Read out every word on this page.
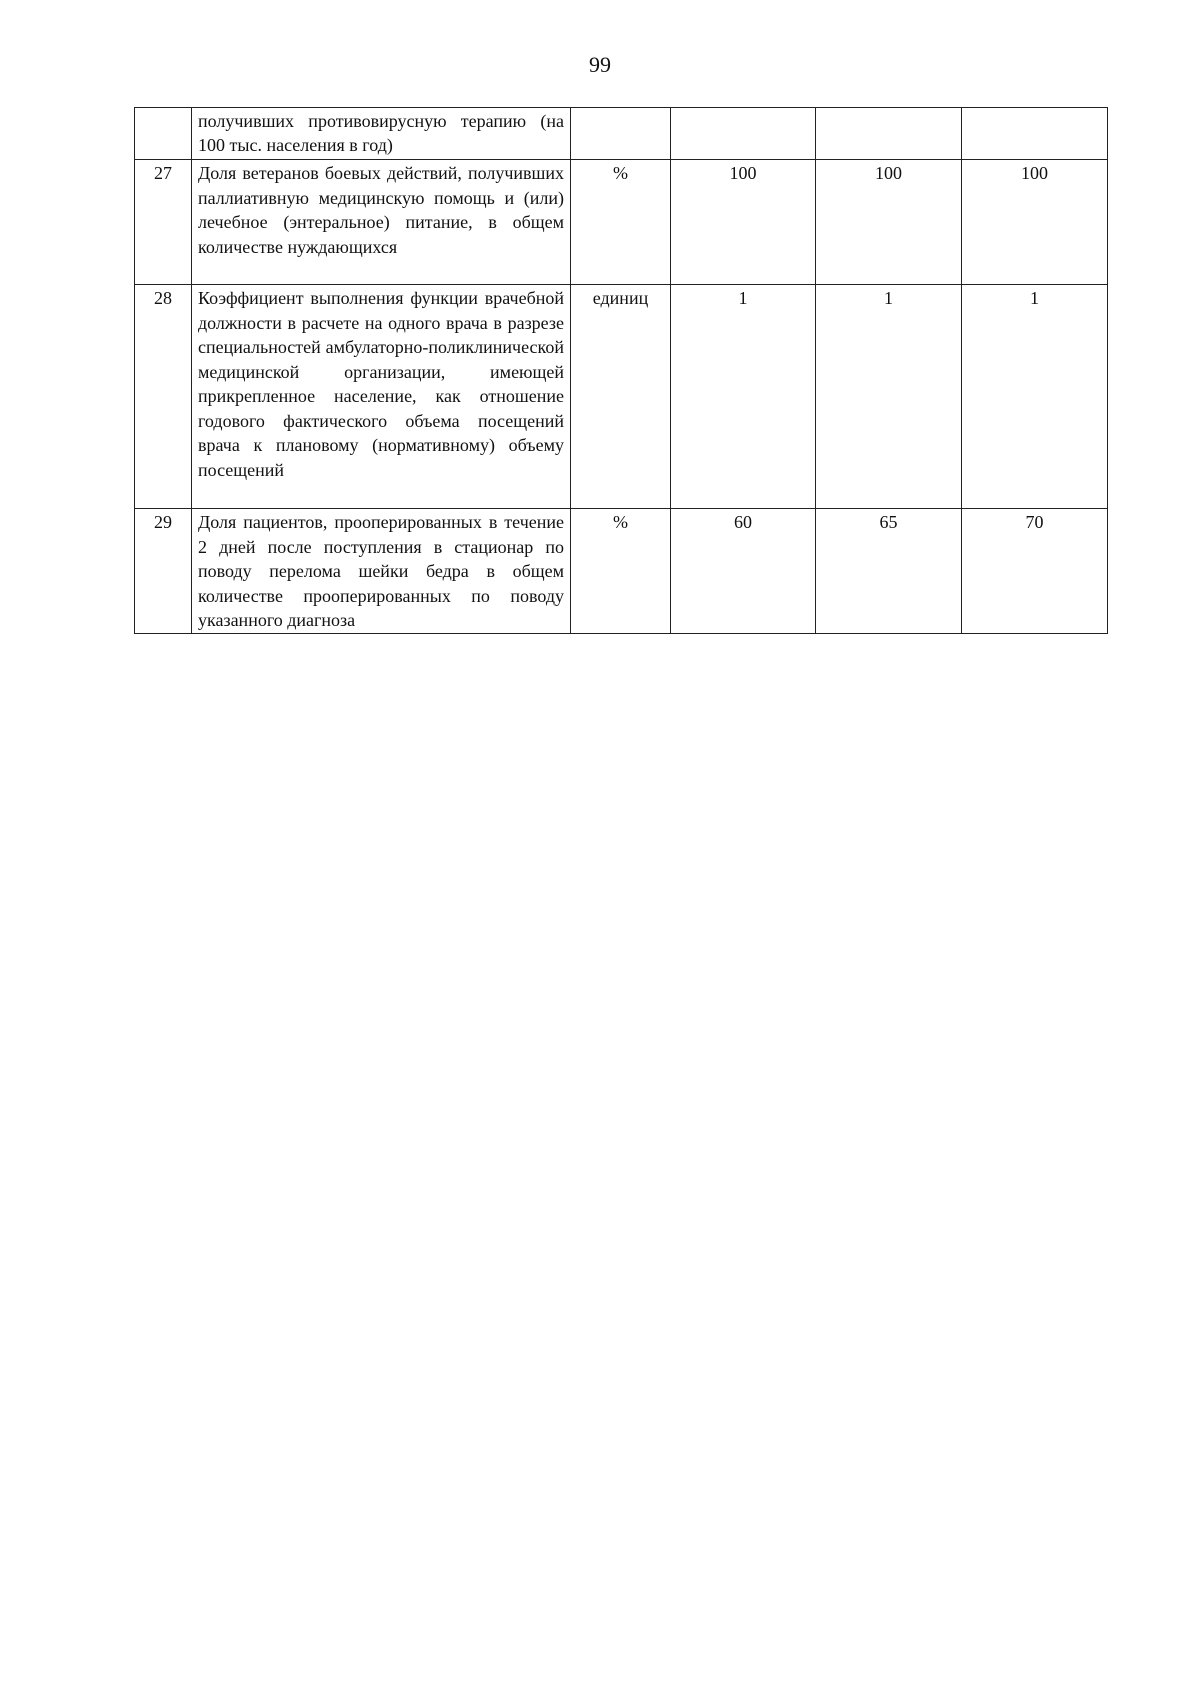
99
	получивших противовирусную терапию (на 100 тыс. населения в год)				
27	Доля ветеранов боевых действий, получивших паллиативную медицинскую помощь и (или) лечебное (энтеральное) питание, в общем количестве нуждающихся	%	100	100	100
28	Коэффициент выполнения функции врачебной должности в расчете на одного врача в разрезе специальностей амбулаторно-поликлинической медицинской организации, имеющей прикрепленное население, как отношение годового фактического объема посещений врача к плановому (нормативному) объему посещений	единиц	1	1	1
29	Доля пациентов, прооперированных в течение 2 дней после поступления в стационар по поводу перелома шейки бедра в общем количестве прооперированных по поводу указанного диагноза	%	60	65	70
